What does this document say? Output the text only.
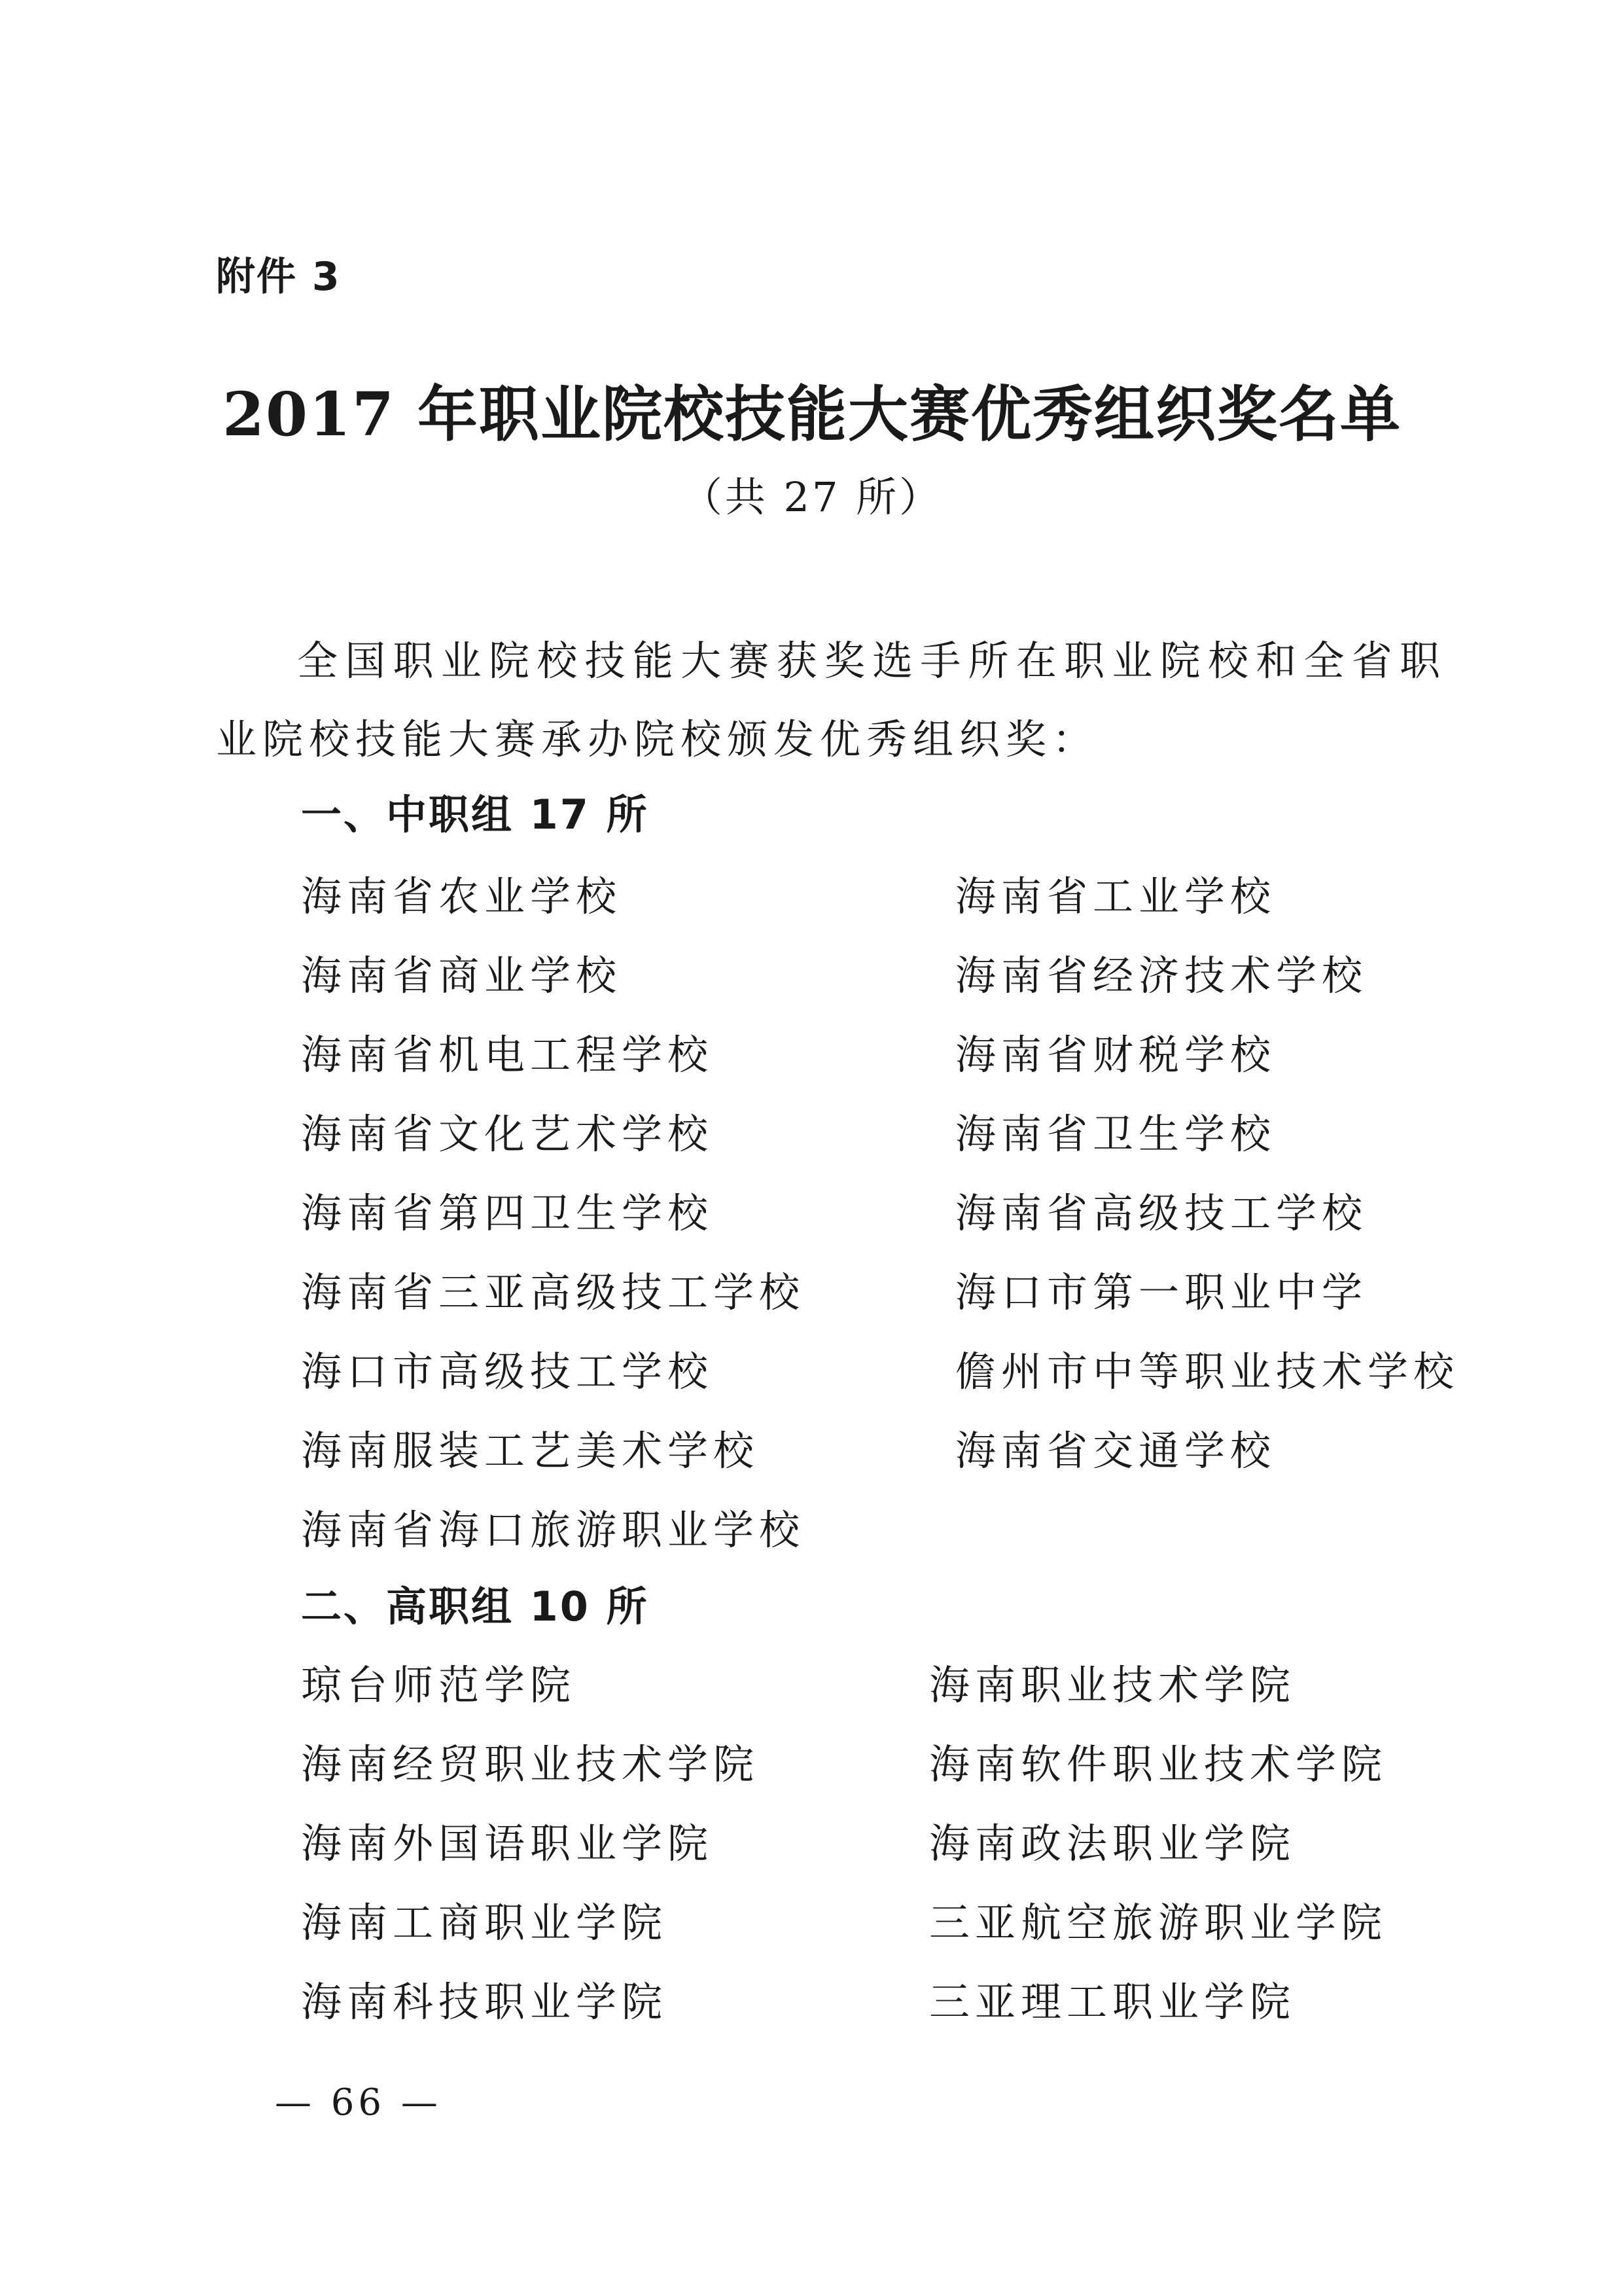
附件 3
2017 年职业院校技能大赛优秀组织奖名单
（共 27 所）
全国职业院校技能大赛获奖选手所在职业院校和全省职业院校技能大赛承办院校颁发优秀组织奖：
一、中职组 17 所
海南省农业学校	海南省工业学校
海南省商业学校	海南省经济技术学校
海南省机电工程学校	海南省财税学校
海南省文化艺术学校	海南省卫生学校
海南省第四卫生学校	海南省高级技工学校
海南省三亚高级技工学校	海口市第一职业中学
海口市高级技工学校	儋州市中等职业技术学校
海南服装工艺美术学校	海南省交通学校
海南省海口旅游职业学校
二、高职组 10 所
琼台师范学院	海南职业技术学院
海南经贸职业技术学院	海南软件职业技术学院
海南外国语职业学院	海南政法职业学院
海南工商职业学院	三亚航空旅游职业学院
海南科技职业学院	三亚理工职业学院
— 66 —
